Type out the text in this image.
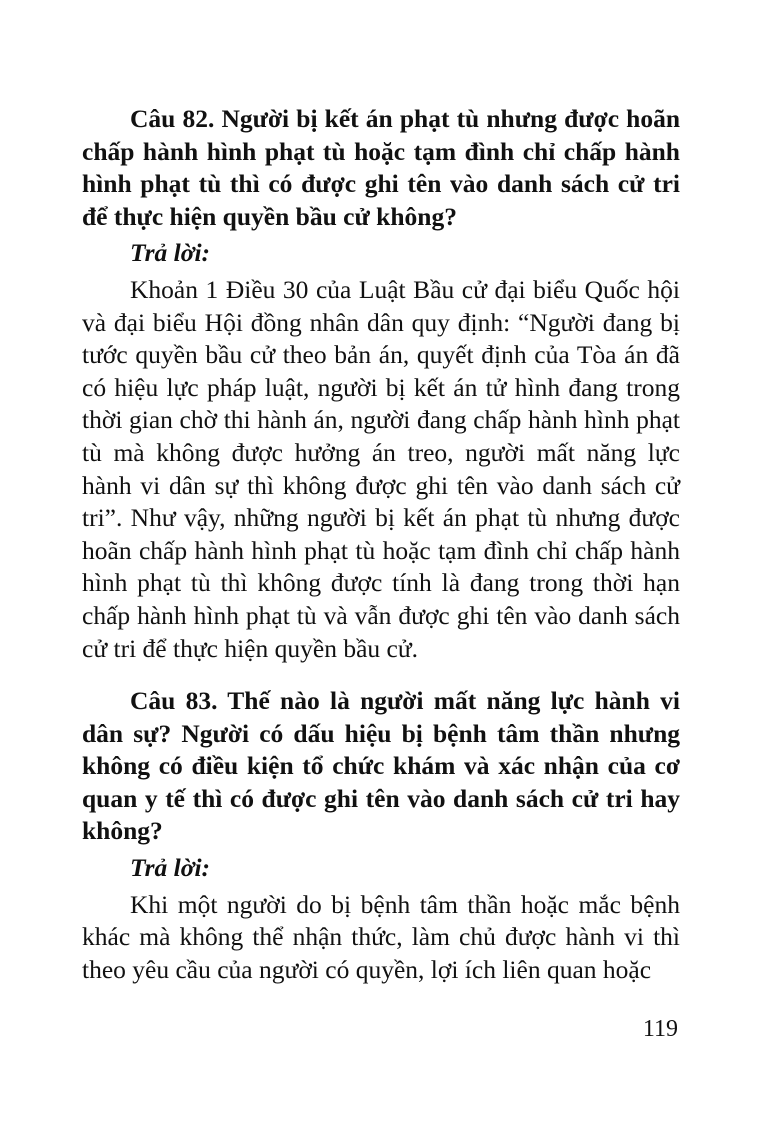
Câu 82. Người bị kết án phạt tù nhưng được hoãn chấp hành hình phạt tù hoặc tạm đình chỉ chấp hành hình phạt tù thì có được ghi tên vào danh sách cử tri để thực hiện quyền bầu cử không?

Trả lời:

Khoản 1 Điều 30 của Luật Bầu cử đại biểu Quốc hội và đại biểu Hội đồng nhân dân quy định: “Người đang bị tước quyền bầu cử theo bản án, quyết định của Tòa án đã có hiệu lực pháp luật, người bị kết án tử hình đang trong thời gian chờ thi hành án, người đang chấp hành hình phạt tù mà không được hưởng án treo, người mất năng lực hành vi dân sự thì không được ghi tên vào danh sách cử tri”. Như vậy, những người bị kết án phạt tù nhưng được hoãn chấp hành hình phạt tù hoặc tạm đình chỉ chấp hành hình phạt tù thì không được tính là đang trong thời hạn chấp hành hình phạt tù và vẫn được ghi tên vào danh sách cử tri để thực hiện quyền bầu cử.

Câu 83. Thế nào là người mất năng lực hành vi dân sự? Người có dấu hiệu bị bệnh tâm thần nhưng không có điều kiện tổ chức khám và xác nhận của cơ quan y tế thì có được ghi tên vào danh sách cử tri hay không?

Trả lời:

Khi một người do bị bệnh tâm thần hoặc mắc bệnh khác mà không thể nhận thức, làm chủ được hành vi thì theo yêu cầu của người có quyền, lợi ích liên quan hoặc

119
